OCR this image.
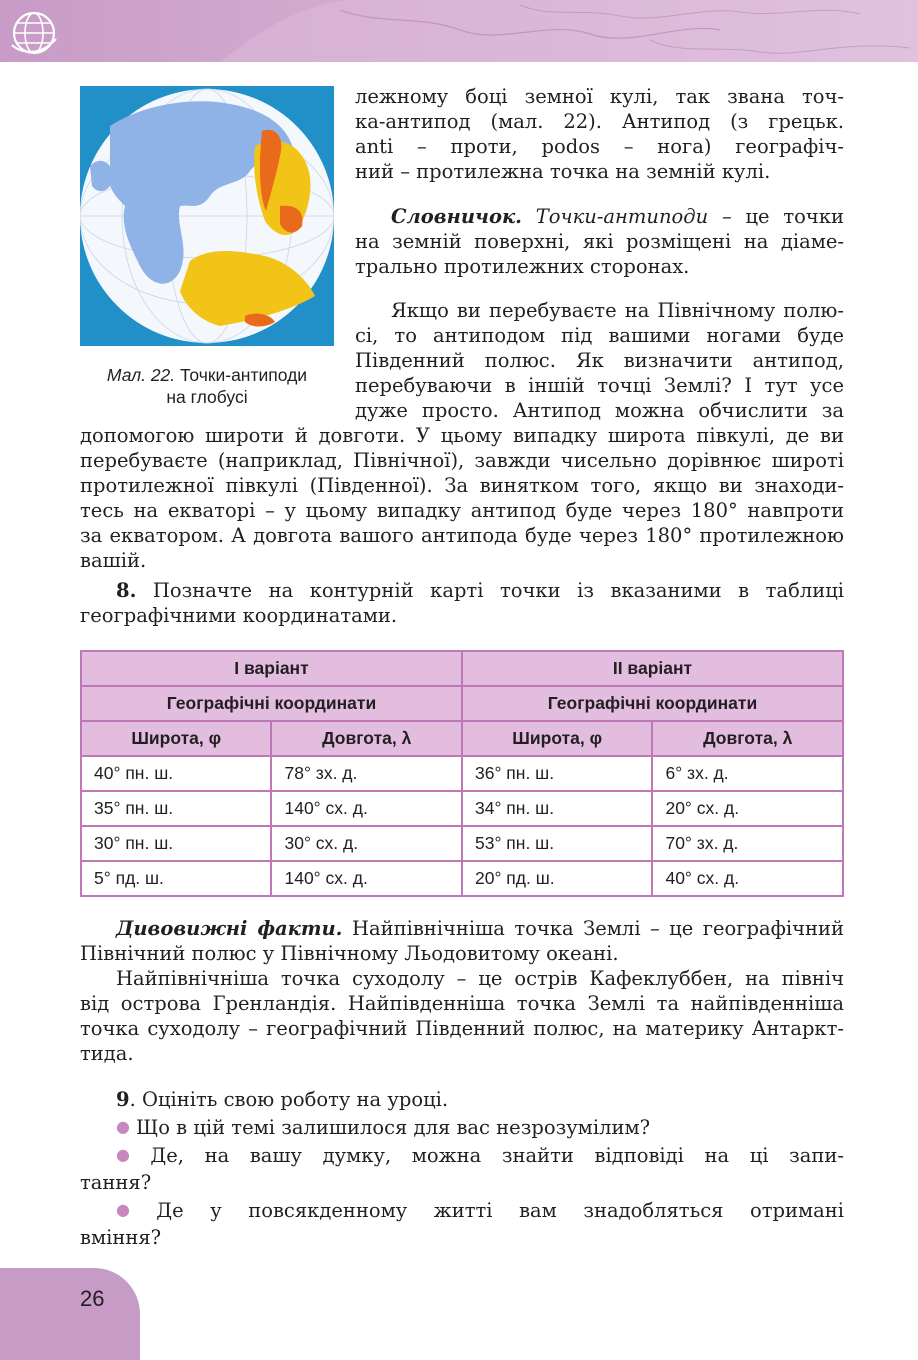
Мал. 22. Точки-антиподи
на глобусі
лежному боці земної кулі, так звана точ-
ка-антипод (мал. 22). Антипод (з грецьк.
anti – проти, podos – нога) географіч-
ний – протилежна точка на земній кулі.
Словничок. Точки-антиподи – це точки
на земній поверхні, які розміщені на діаме-
трально протилежних сторонах.
Якщо ви перебуваєте на Північному полю-
сі, то антиподом під вашими ногами буде
Південний полюс. Як визначити антипод,
перебуваючи в іншій точці Землі? І тут усе
дуже просто. Антипод можна обчислити за
допомогою широти й довготи. У цьому випадку широта півкулі, де ви
перебуваєте (наприклад, Північної), завжди чисельно дорівнює широті
протилежної півкулі (Південної). За винятком того, якщо ви знаходи-
тесь на екваторі – у цьому випадку антипод буде через 180° навпроти
за екватором. А довгота вашого антипода буде через 180° протилежною
вашій.
8. Позначте на контурній карті точки із вказаними в таблиці
географічними координатами.
І варіант		ІІ варіант	
Географічні координати		Географічні координати	
Широта, φ	Довгота, λ	Широта, φ	Довгота, λ
40° пн. ш.	78° зх. д.	36° пн. ш.	6° зх. д.
35° пн. ш.	140° сх. д.	34° пн. ш.	20° сх. д.
30° пн. ш.	30° сх. д.	53° пн. ш.	70° зх. д.
5° пд. ш.	140° сх. д.	20° пд. ш.	40° сх. д.
Дивовижні факти. Найпівнічніша точка Землі – це географічний
Північний полюс у Північному Льодовитому океані.
Найпівнічніша точка суходолу – це острів Кафеклуббен, на північ
від острова Гренландія. Найпівденніша точка Землі та найпівденніша
точка суходолу – географічний Південний полюс, на материку Антаркт-
тида.
9. Оцініть свою роботу на уроці.
● Що в цій темі залишилося для вас незрозумілим?
● Де, на вашу думку, можна знайти відповіді на ці запи-
тання?
● Де у повсякденному житті вам знадобляться отримані
вміння?
26
